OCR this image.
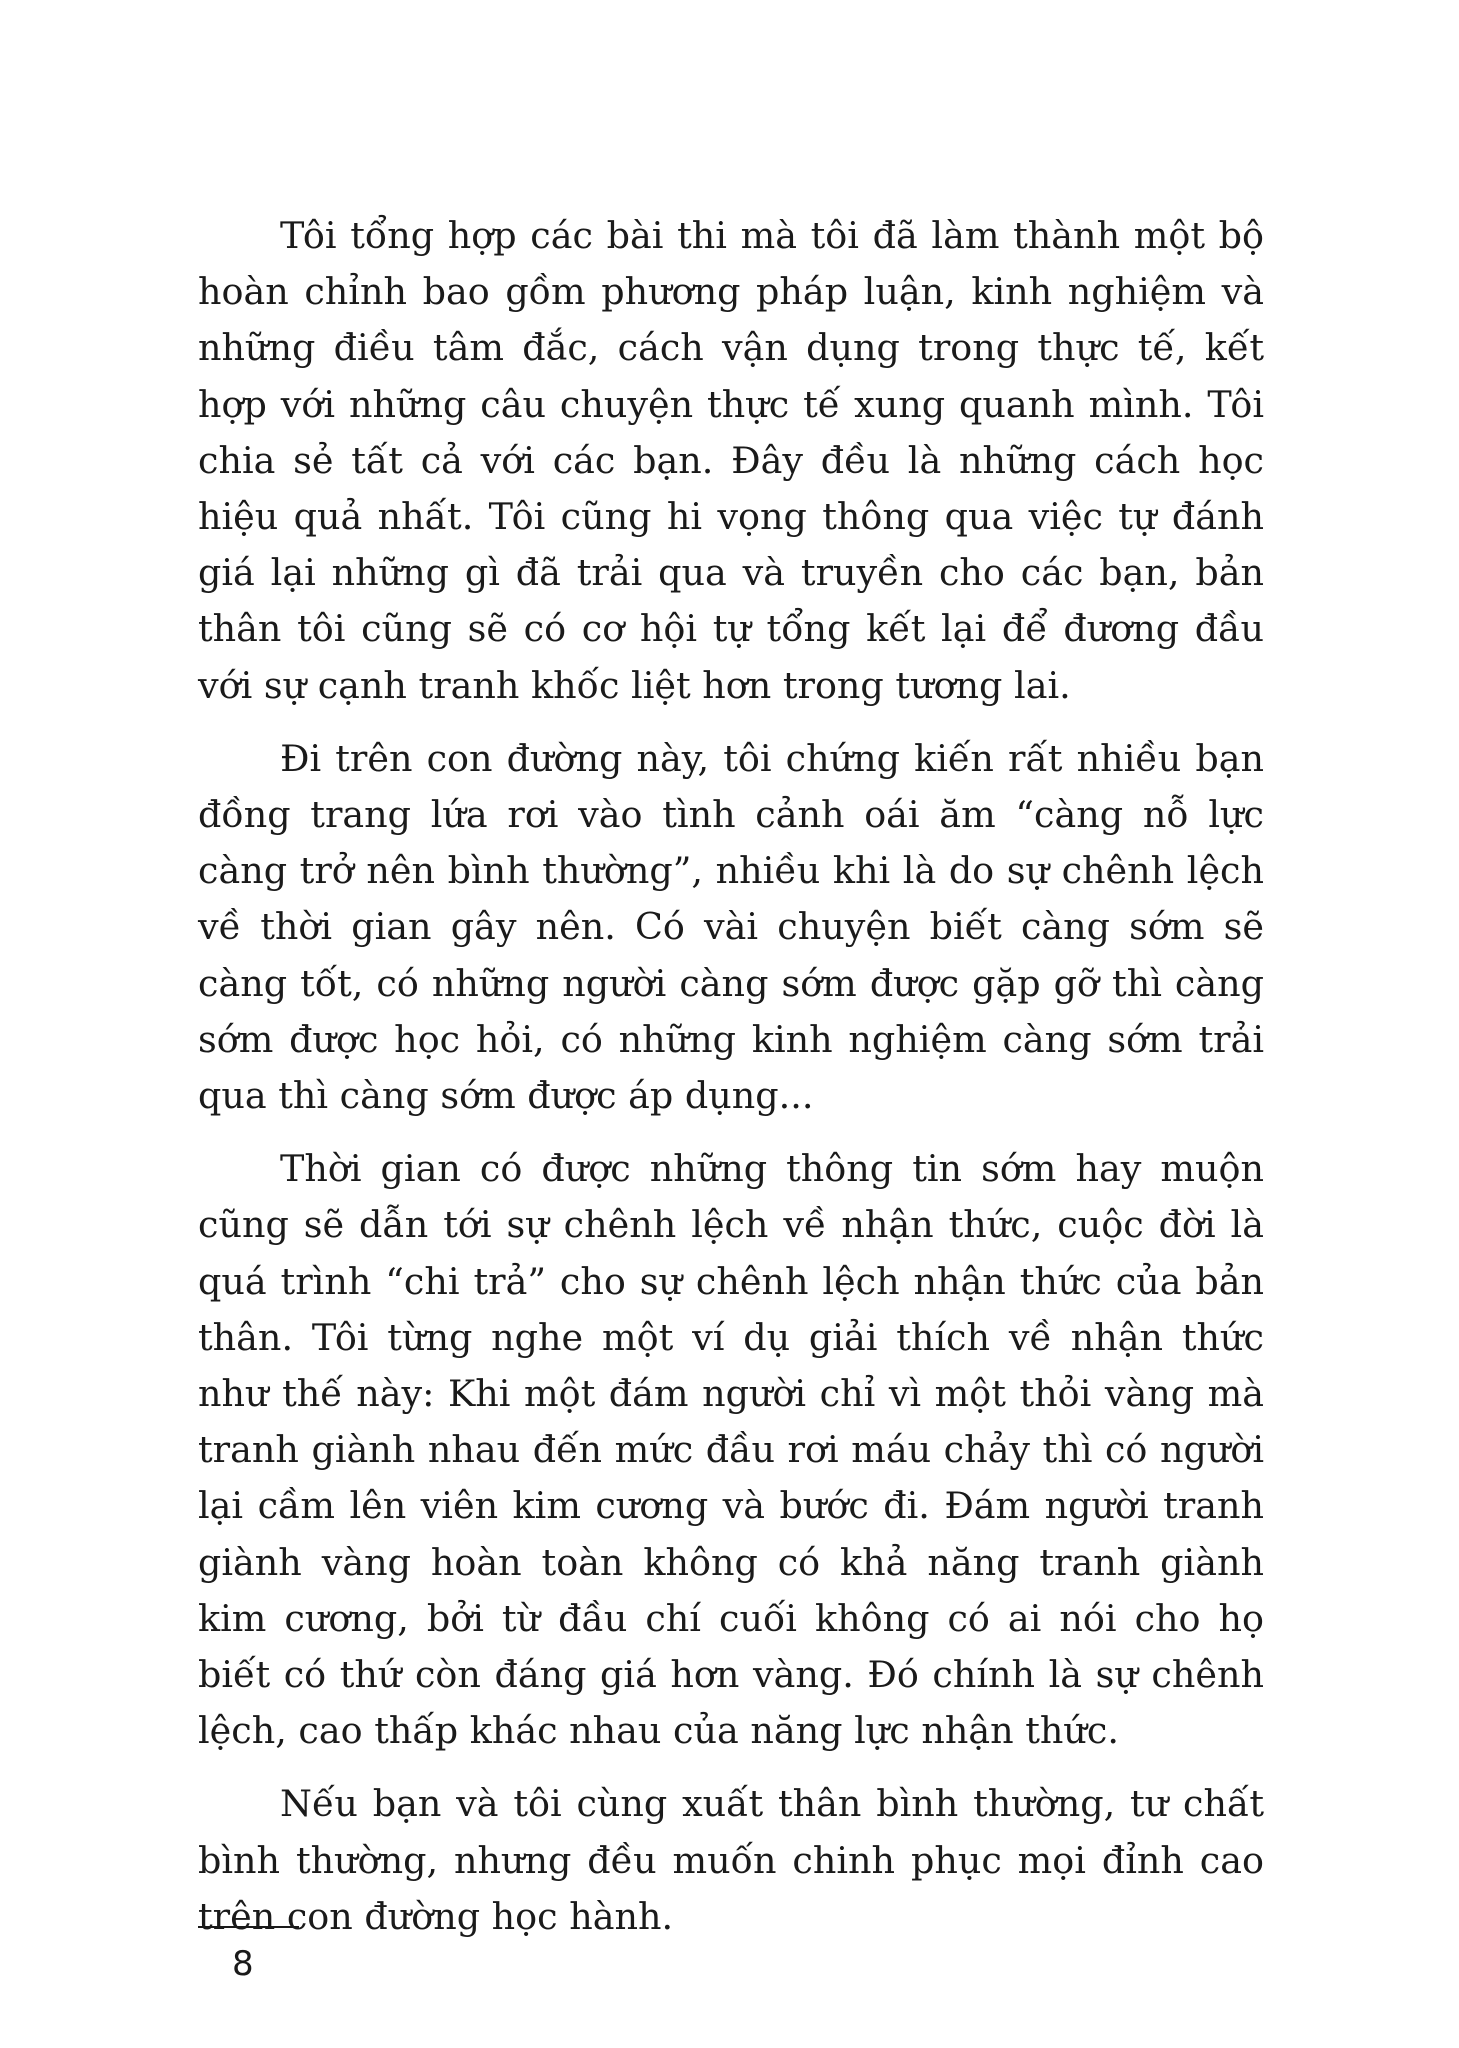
Tôi tổng hợp các bài thi mà tôi đã làm thành một bộ hoàn chỉnh bao gồm phương pháp luận, kinh nghiệm và những điều tâm đắc, cách vận dụng trong thực tế, kết hợp với những câu chuyện thực tế xung quanh mình. Tôi chia sẻ tất cả với các bạn. Đây đều là những cách học hiệu quả nhất. Tôi cũng hi vọng thông qua việc tự đánh giá lại những gì đã trải qua và truyền cho các bạn, bản thân tôi cũng sẽ có cơ hội tự tổng kết lại để đương đầu với sự cạnh tranh khốc liệt hơn trong tương lai.

Đi trên con đường này, tôi chứng kiến rất nhiều bạn đồng trang lứa rơi vào tình cảnh oái ăm “càng nỗ lực càng trở nên bình thường”, nhiều khi là do sự chênh lệch về thời gian gây nên. Có vài chuyện biết càng sớm sẽ càng tốt, có những người càng sớm được gặp gỡ thì càng sớm được học hỏi, có những kinh nghiệm càng sớm trải qua thì càng sớm được áp dụng...

Thời gian có được những thông tin sớm hay muộn cũng sẽ dẫn tới sự chênh lệch về nhận thức, cuộc đời là quá trình “chi trả” cho sự chênh lệch nhận thức của bản thân. Tôi từng nghe một ví dụ giải thích về nhận thức như thế này: Khi một đám người chỉ vì một thỏi vàng mà tranh giành nhau đến mức đầu rơi máu chảy thì có người lại cầm lên viên kim cương và bước đi. Đám người tranh giành vàng hoàn toàn không có khả năng tranh giành kim cương, bởi từ đầu chí cuối không có ai nói cho họ biết có thứ còn đáng giá hơn vàng. Đó chính là sự chênh lệch, cao thấp khác nhau của năng lực nhận thức.

Nếu bạn và tôi cùng xuất thân bình thường, tư chất bình thường, nhưng đều muốn chinh phục mọi đỉnh cao trên con đường học hành.

8
